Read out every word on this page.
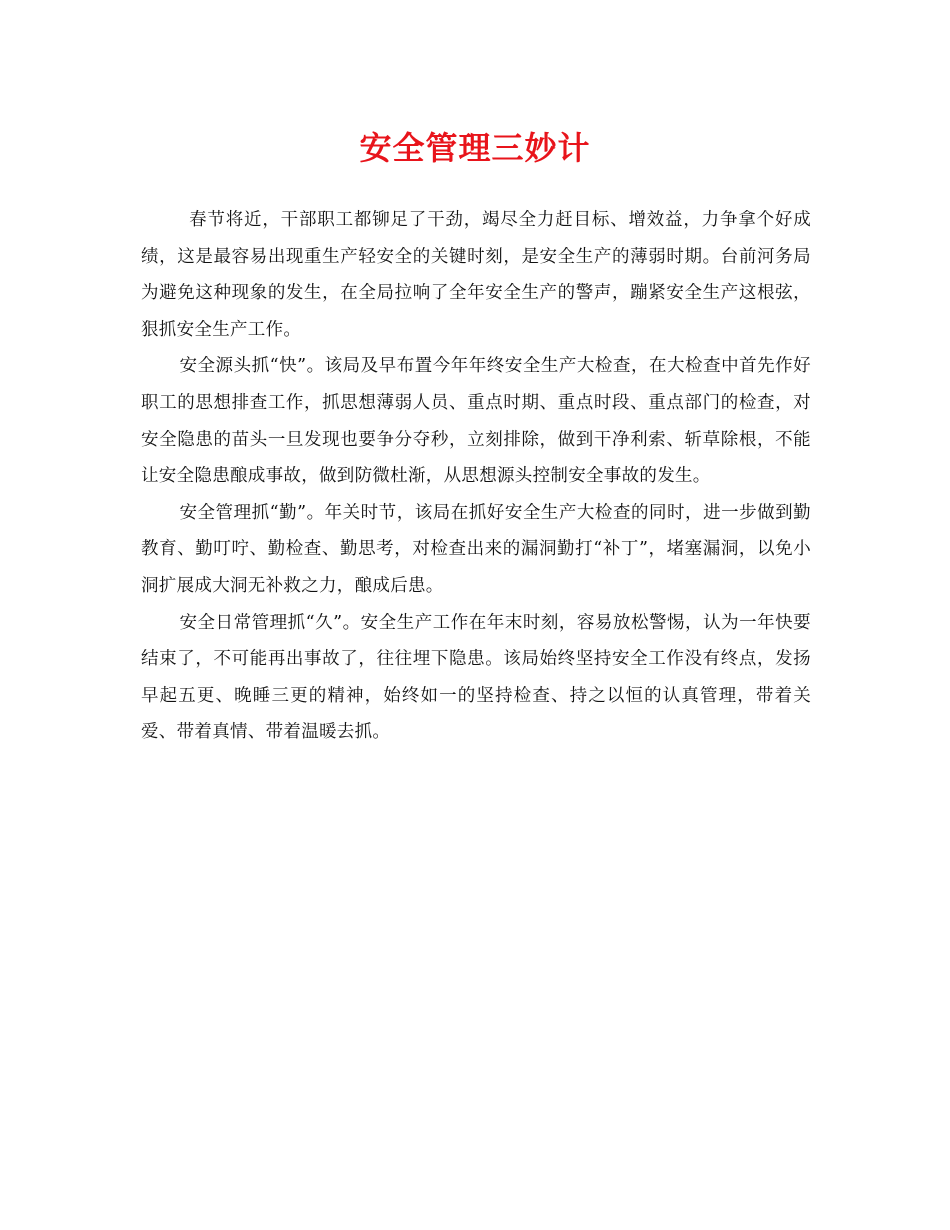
安全管理三妙计

春节将近，干部职工都铆足了干劲，竭尽全力赶目标、增效益，力争拿个好成绩，这是最容易出现重生产轻安全的关键时刻，是安全生产的薄弱时期。台前河务局为避免这种现象的发生，在全局拉响了全年安全生产的警声，蹦紧安全生产这根弦，狠抓安全生产工作。

安全源头抓“快”。该局及早布置今年年终安全生产大检查，在大检查中首先作好职工的思想排查工作，抓思想薄弱人员、重点时期、重点时段、重点部门的检查，对安全隐患的苗头一旦发现也要争分夺秒，立刻排除，做到干净利索、斩草除根，不能让安全隐患酿成事故，做到防微杜渐，从思想源头控制安全事故的发生。

安全管理抓“勤”。年关时节，该局在抓好安全生产大检查的同时，进一步做到勤教育、勤叮咛、勤检查、勤思考，对检查出来的漏洞勤打“补丁”，堵塞漏洞，以免小洞扩展成大洞无补救之力，酿成后患。

安全日常管理抓“久”。安全生产工作在年末时刻，容易放松警惕，认为一年快要结束了，不可能再出事故了，往往埋下隐患。该局始终坚持安全工作没有终点，发扬早起五更、晚睡三更的精神，始终如一的坚持检查、持之以恒的认真管理，带着关爱、带着真情、带着温暖去抓。
